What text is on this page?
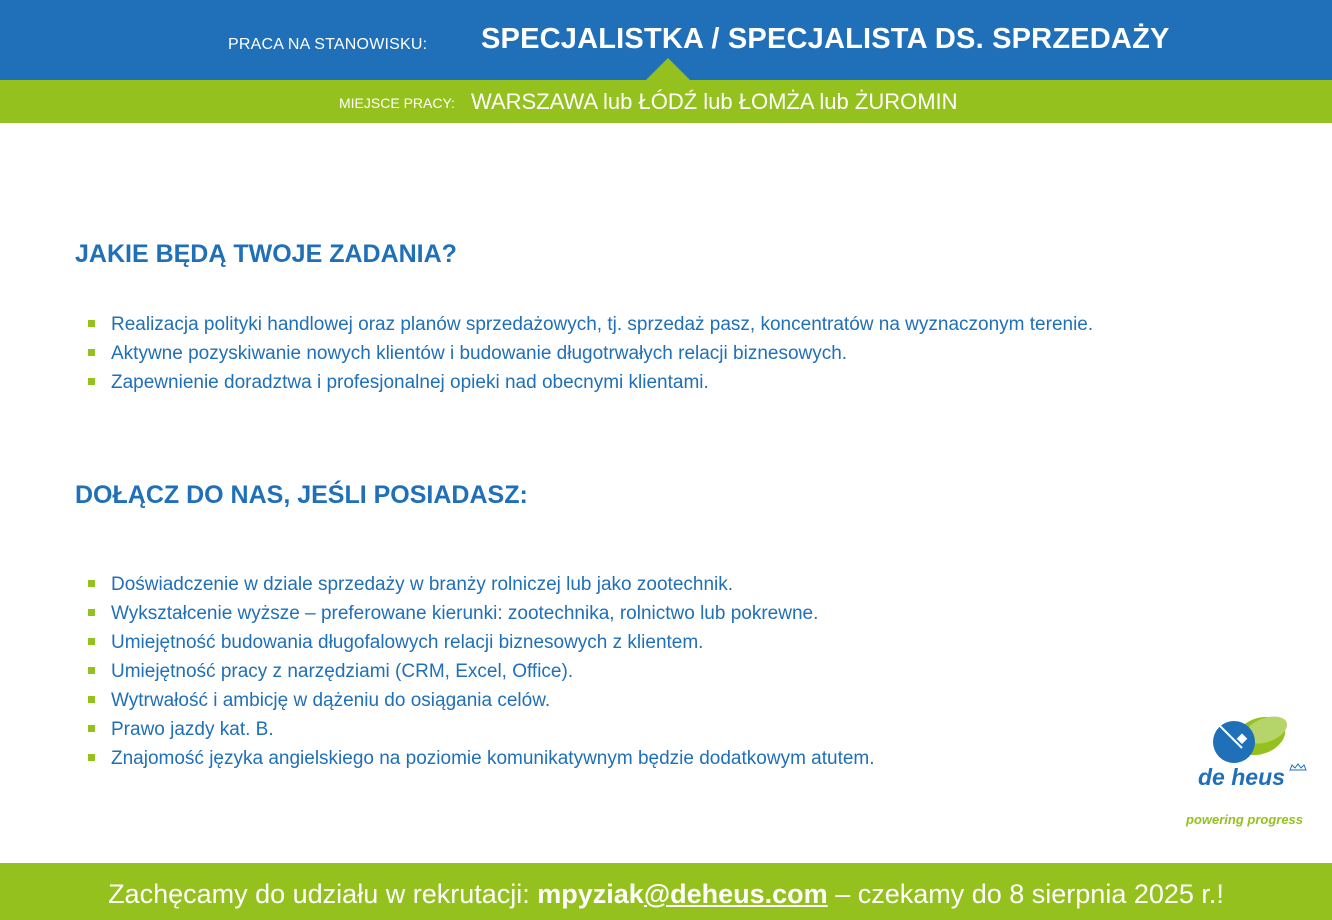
PRACA NA STANOWISKU: SPECJALISTKA / SPECJALISTA DS. SPRZEDAŻY
MIEJSCE PRACY: WARSZAWA lub ŁÓDŹ lub ŁOMŻA lub ŻUROMIN
JAKIE BĘDĄ TWOJE ZADANIA?
Realizacja polityki handlowej oraz planów sprzedażowych, tj. sprzedaż pasz, koncentratów na wyznaczonym terenie.
Aktywne pozyskiwanie nowych klientów i budowanie długotrwałych relacji biznesowych.
Zapewnienie doradztwa i profesjonalnej opieki nad obecnymi klientami.
DOŁĄCZ DO NAS, JEŚLI POSIADASZ:
Doświadczenie w dziale sprzedaży w branży rolniczej lub jako zootechnik.
Wykształcenie wyższe – preferowane kierunki: zootechnika, rolnictwo lub pokrewne.
Umiejętność budowania długofalowych relacji biznesowych z klientem.
Umiejętność pracy z narzędziami (CRM, Excel, Office).
Wytrwałość i ambicję w dążeniu do osiągania celów.
Prawo jazdy kat. B.
Znajomość języka angielskiego na poziomie komunikatywnym będzie dodatkowym atutem.
de heus
powering progress
Zachęcamy do udziału w rekrutacji: mpyziak@deheus.com – czekamy do 8 sierpnia 2025 r.!
